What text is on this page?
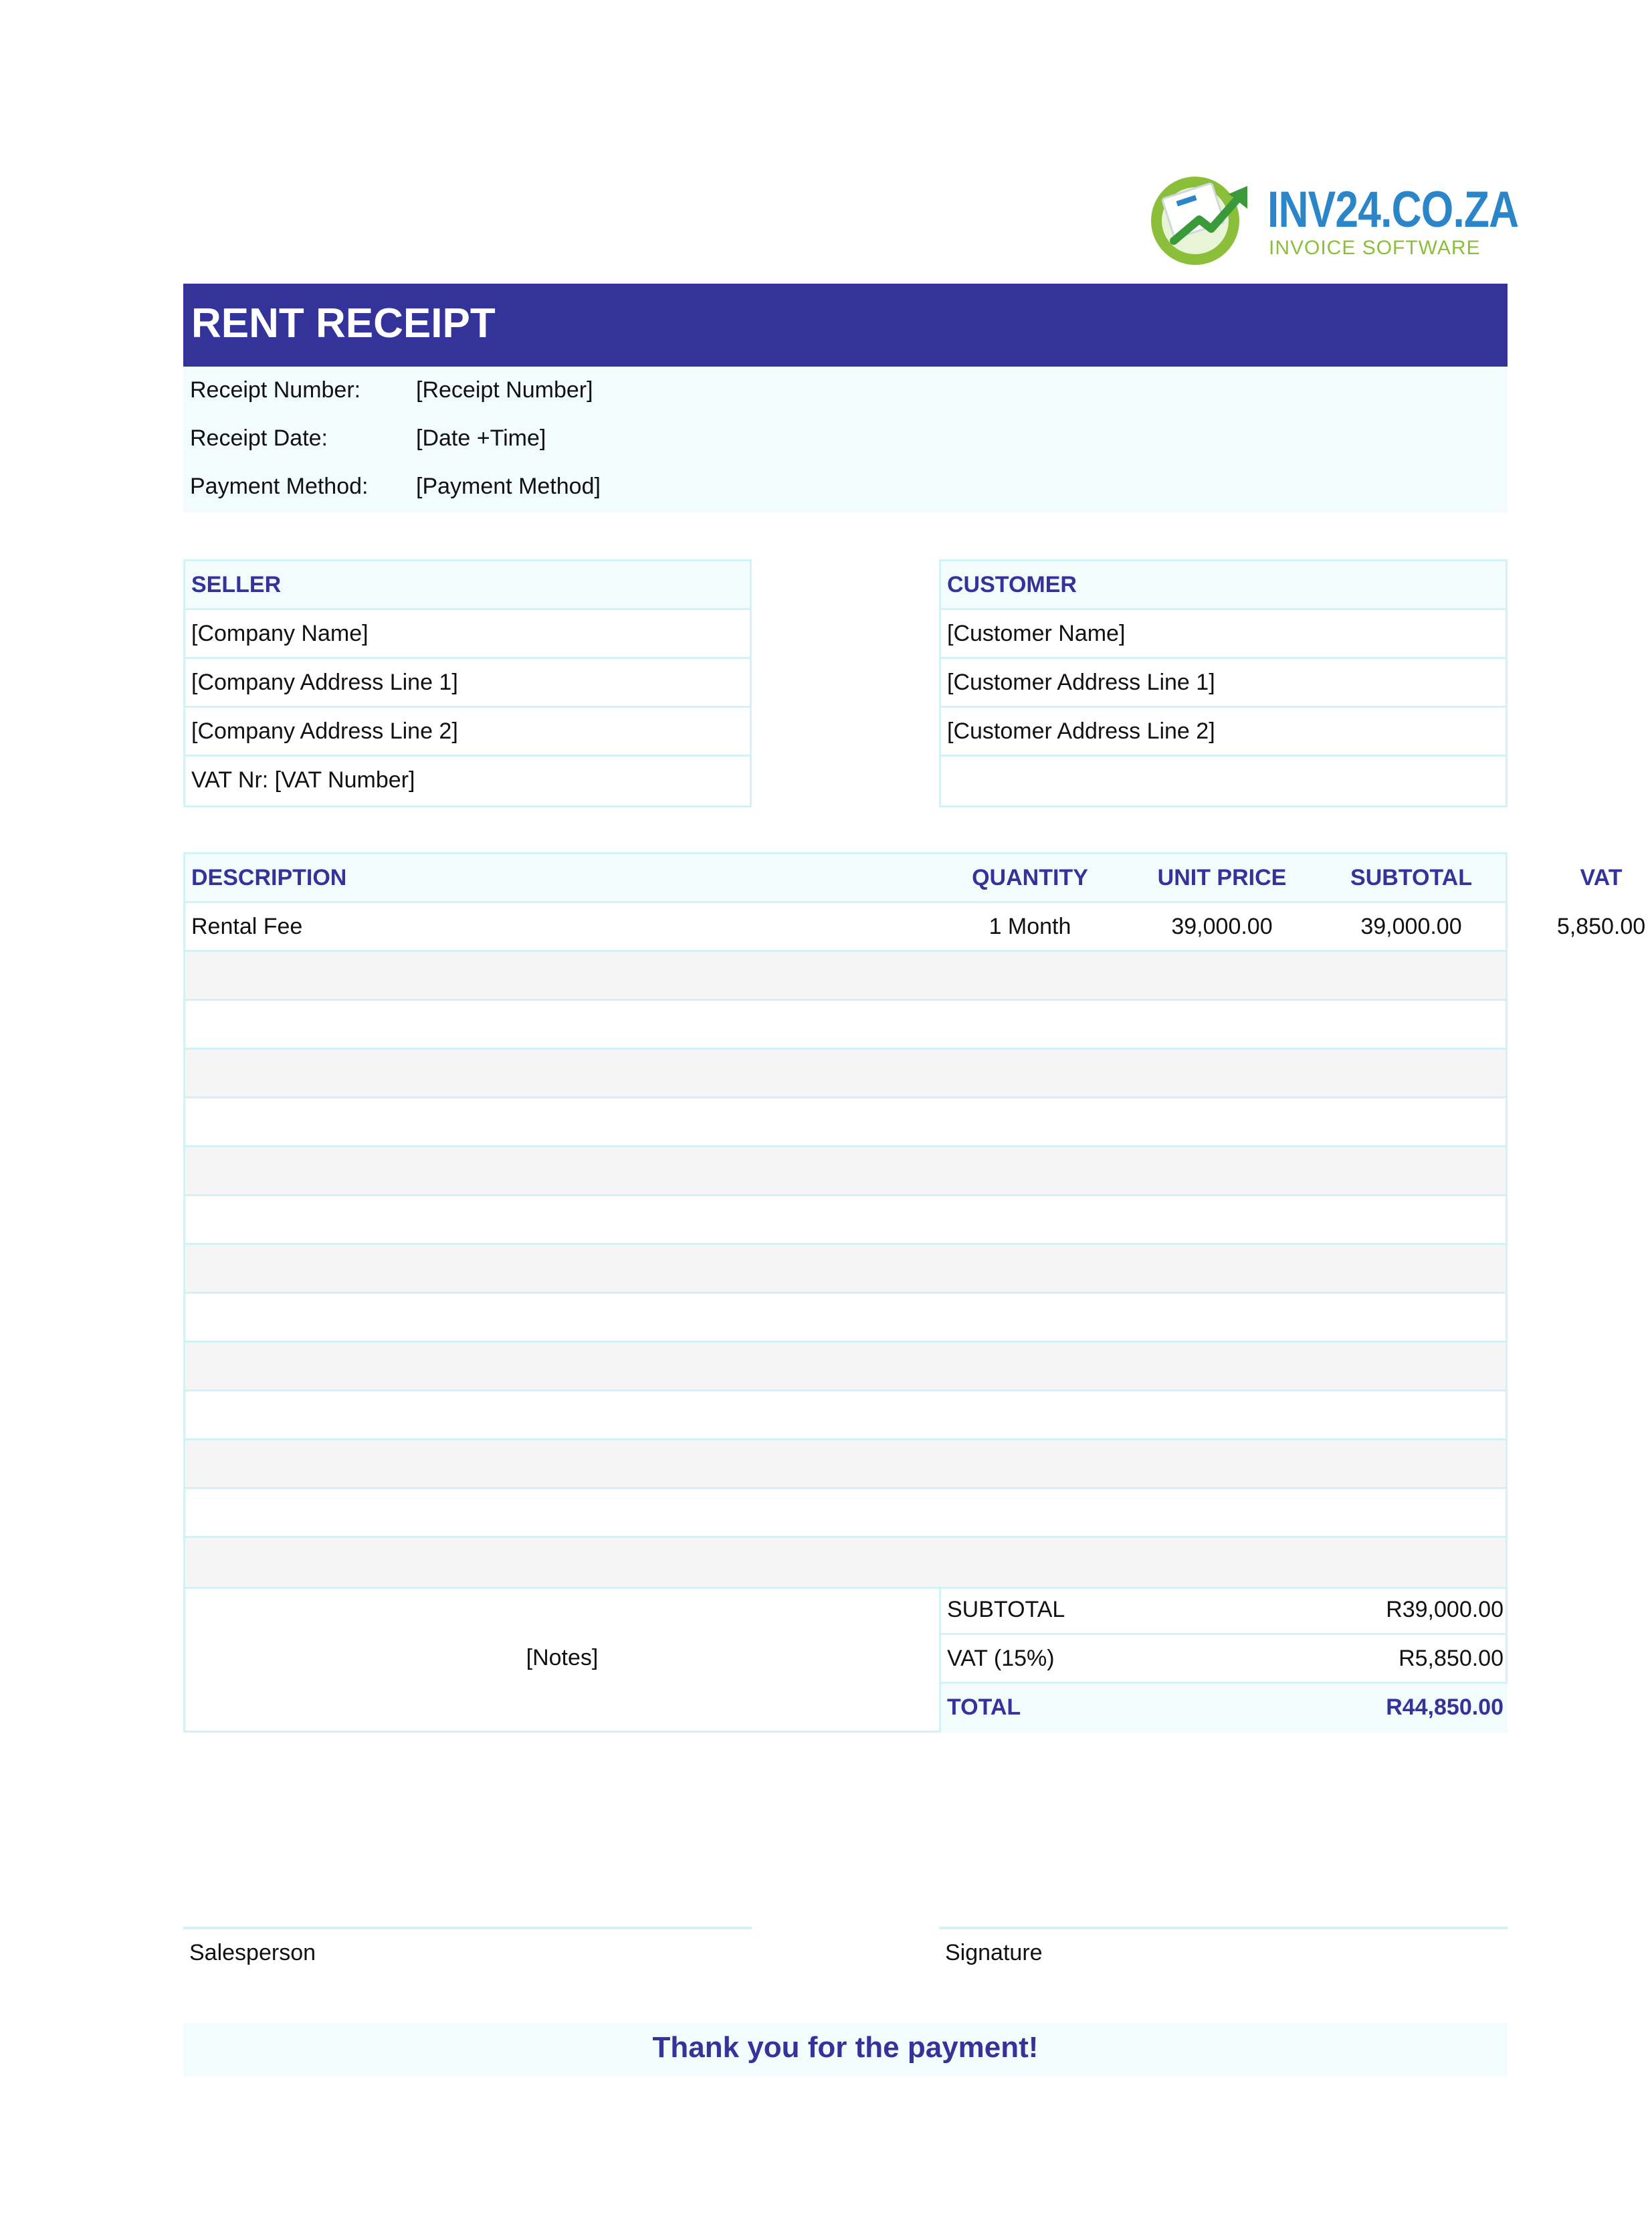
INV24.CO.ZA
INVOICE SOFTWARE
RENT RECEIPT
Receipt Number: [Receipt Number]
Receipt Date:	[Date +Time]
Payment Method: [Payment Method]
SELLER
[Company Name]
[Company Address Line 1]
[Company Address Line 2]
VAT Nr: [VAT Number]
CUSTOMER
[Customer Name]
[Customer Address Line 1]
[Customer Address Line 2]
DESCRIPTION	QUANTITY	UNIT PRICE	SUBTOTAL	VAT
Rental Fee	1 Month	39,000.00	39,000.00	5,850.00
[Notes]
SUBTOTAL	R39,000.00
VAT (15%)	R5,850.00
TOTAL	R44,850.00
Salesperson	Signature
Thank you for the payment!
